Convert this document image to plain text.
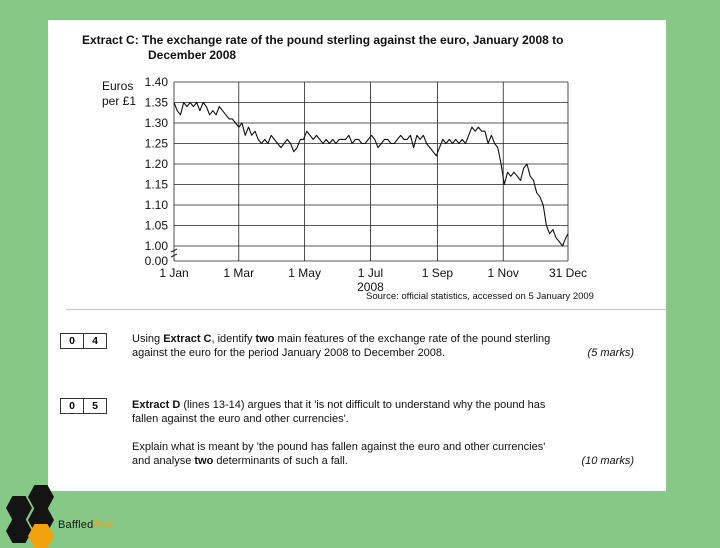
Extract C: The exchange rate of the pound sterling against the euro, January 2008 to
December 2008
1.40
1.35
1.30
1.25
1.20
1.15
1.10
1.05
1.00
0.00
1 Jan	1 Mar	1 May	1 Jul	1 Sep	1 Nov	31 Dec
2008
Euros
per £1
Source: official statistics, accessed on 5 January 2009
0	4	Using Extract C, identify two main features of the exchange rate of the pound sterling
against the euro for the period January 2008 to December 2008.	(5 marks)
0	5	Extract D (lines 13-14) argues that it 'is not difficult to understand why the pound has
fallen against the euro and other currencies'.
Explain what is meant by 'the pound has fallen against the euro and other currencies'
and analyse two determinants of such a fall.	(10 marks)
BaffledBee
